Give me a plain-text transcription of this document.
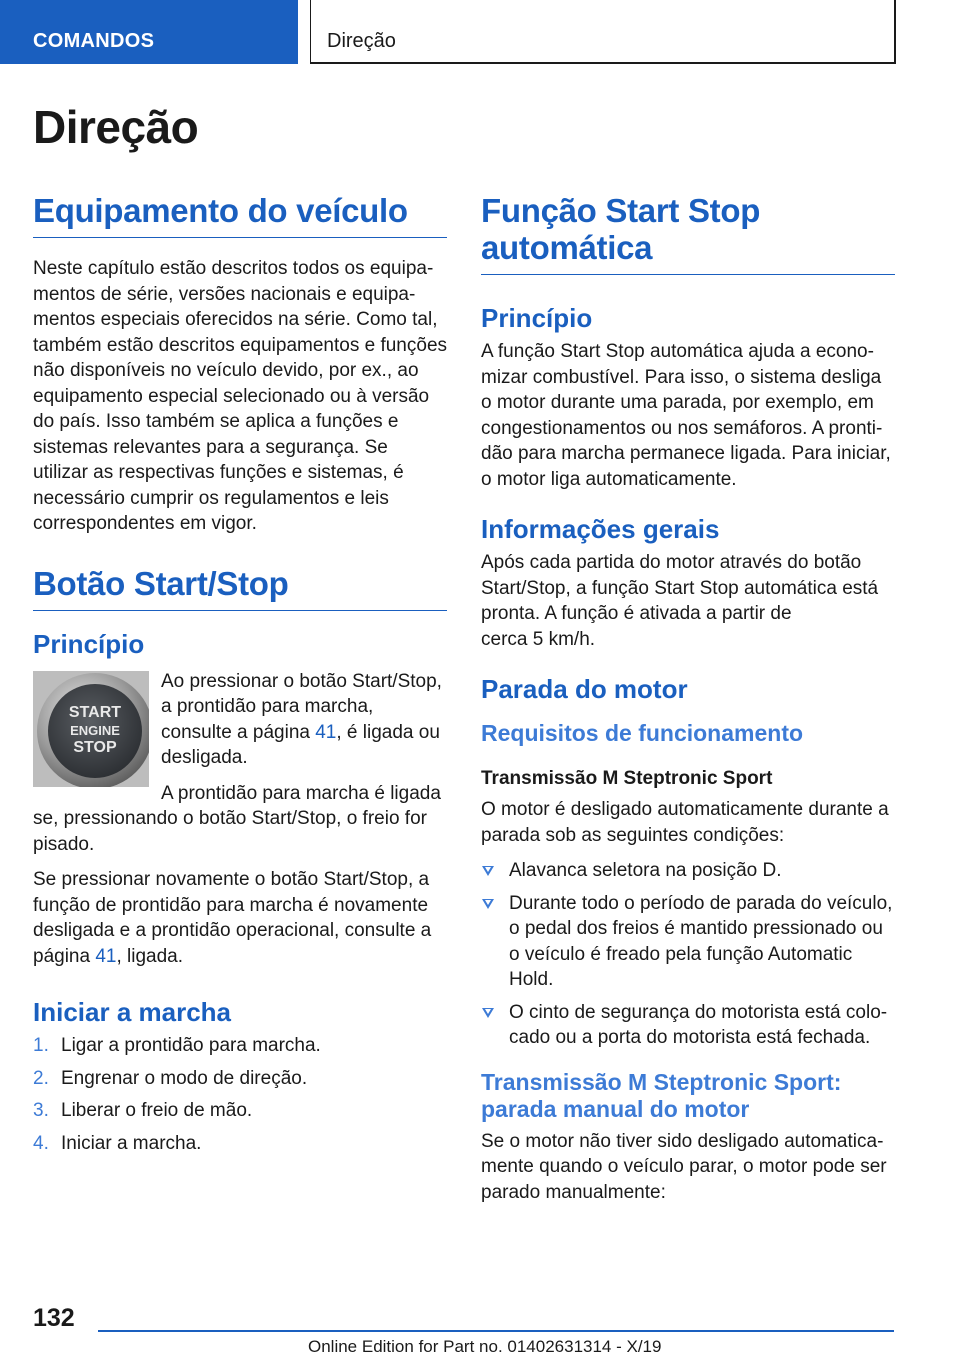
COMANDOS	Direção
Direção
Equipamento do veículo
Neste capítulo estão descritos todos os equipamentos de série, versões nacionais e equipamentos especiais oferecidos na série. Como tal, também estão descritos equipamentos e funções não disponíveis no veículo devido, por ex., ao equipamento especial selecionado ou à versão do país. Isso também se aplica a funções e sistemas relevantes para a segurança. Se utilizar as respectivas funções e sistemas, é necessário cumprir os regulamentos e leis correspondentes em vigor.
Botão Start/Stop
Princípio
START
ENGINE
STOP
Ao pressionar o botão Start/Stop, a prontidão para marcha, consulte a página 41, é ligada ou desligada.
A prontidão para marcha é ligada se, pressionando o botão Start/Stop, o freio for pisado.
Se pressionar novamente o botão Start/Stop, a função de prontidão para marcha é novamente desligada e a prontidão operacional, consulte a página 41, ligada.
Iniciar a marcha
1. Ligar a prontidão para marcha.
2. Engrenar o modo de direção.
3. Liberar o freio de mão.
4. Iniciar a marcha.
Função Start Stop automática
Princípio
A função Start Stop automática ajuda a economizar combustível. Para isso, o sistema desliga o motor durante uma parada, por exemplo, em congestionamentos ou nos semáforos. A prontidão para marcha permanece ligada. Para iniciar, o motor liga automaticamente.
Informações gerais
Após cada partida do motor através do botão Start/Stop, a função Start Stop automática está pronta. A função é ativada a partir de
cerca 5 km/h.
Parada do motor
Requisitos de funcionamento
Transmissão M Steptronic Sport
O motor é desligado automaticamente durante a parada sob as seguintes condições:
Alavanca seletora na posição D.
Durante todo o período de parada do veículo, o pedal dos freios é mantido pressionado ou o veículo é freado pela função Automatic Hold.
O cinto de segurança do motorista está colocado ou a porta do motorista está fechada.
Transmissão M Steptronic Sport: parada manual do motor
Se o motor não tiver sido desligado automaticamente quando o veículo parar, o motor pode ser parado manualmente:
132
Online Edition for Part no. 01402631314 - X/19
